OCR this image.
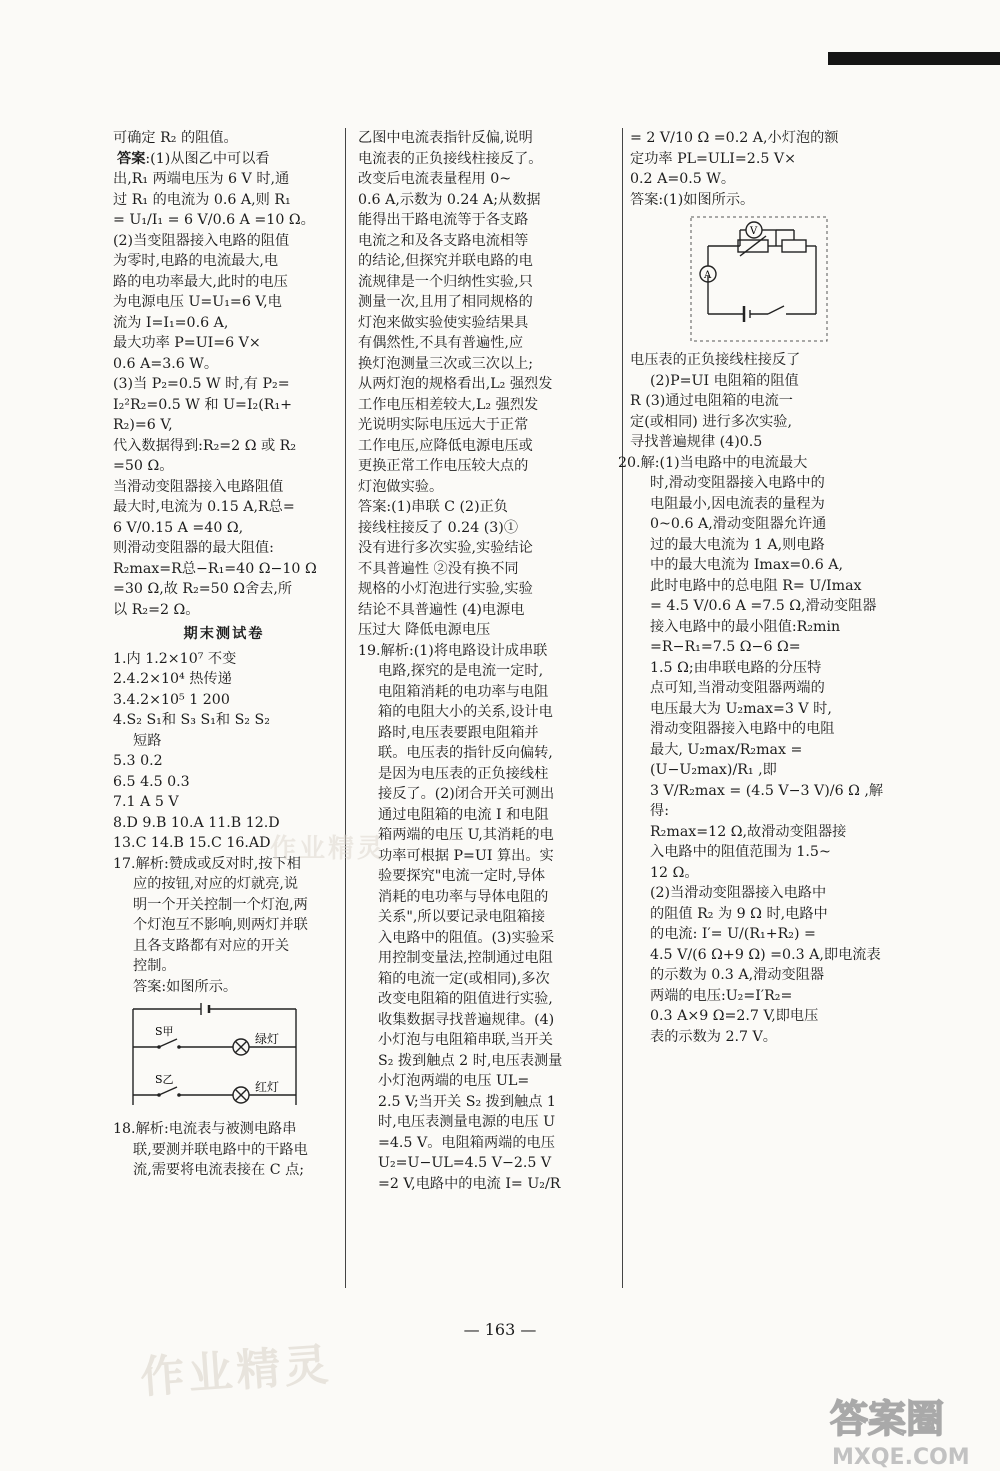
可确定 R₂ 的阻值。

答案:(1)从图乙中可以看

出,R₁ 两端电压为 6 V 时,通

过 R₁ 的电流为 0.6 A,则 R₁

= U₁/I₁ = 6 V/0.6 A =10 Ω。

(2)当变阻器接入电路的阻值

为零时,电路的电流最大,电

路的电功率最大,此时的电压

为电源电压 U=U₁=6 V,电

流为 I=I₁=0.6 A,

最大功率 P=UI=6 V×

0.6 A=3.6 W。

(3)当 P₂=0.5 W 时,有 P₂=

I₂²R₂=0.5 W 和 U=I₂(R₁+

R₂)=6 V,

代入数据得到:R₂=2 Ω 或 R₂

=50 Ω。

当滑动变阻器接入电路阻值

最大时,电流为 0.15 A,R总=

6 V/0.15 A =40 Ω,

则滑动变阻器的最大阻值:

R₂max=R总−R₁=40 Ω−10 Ω

=30 Ω,故 R₂=50 Ω舍去,所

以 R₂=2 Ω。

期末测试卷

1.内 1.2×10⁷ 不变

2.4.2×10⁴ 热传递

3.4.2×10⁵ 1 200

4.S₂ S₁和 S₃ S₁和 S₂ S₂

短路

5.3 0.2

6.5 4.5 0.3

7.1 A 5 V

8.D 9.B 10.A 11.B 12.D

13.C 14.B 15.C 16.AD

17.解析:赞成或反对时,按下相

应的按钮,对应的灯就亮,说

明一个开关控制一个灯泡,两

个灯泡互不影响,则两灯并联

且各支路都有对应的开关

控制。

答案:如图所示。

S甲
S乙
绿灯
红灯

18.解析:电流表与被测电路串

联,要测并联电路中的干路电

流,需要将电流表接在 C 点;

乙图中电流表指针反偏,说明

电流表的正负接线柱接反了。

改变后电流表量程用 0~

0.6 A,示数为 0.24 A;从数据

能得出干路电流等于各支路

电流之和及各支路电流相等

的结论,但探究并联电路的电

流规律是一个归纳性实验,只

测量一次,且用了相同规格的

灯泡来做实验使实验结果具

有偶然性,不具有普遍性,应

换灯泡测量三次或三次以上;

从两灯泡的规格看出,L₂ 强烈发

工作电压相差较大,L₂ 强烈发

光说明实际电压远大于正常

工作电压,应降低电源电压或

更换正常工作电压较大点的

灯泡做实验。

答案:(1)串联 C (2)正负

接线柱接反了 0.24 (3)①

没有进行多次实验,实验结论

不具普遍性 ②没有换不同

规格的小灯泡进行实验,实验

结论不具普遍性 (4)电源电

压过大 降低电源电压

19.解析:(1)将电路设计成串联

电路,探究的是电流一定时,

电阻箱消耗的电功率与电阻

箱的电阻大小的关系,设计电

路时,电压表要跟电阻箱并

联。电压表的指针反向偏转,

是因为电压表的正负接线柱

接反了。(2)闭合开关可测出

通过电阻箱的电流 I 和电阻

箱两端的电压 U,其消耗的电

功率可根据 P=UI 算出。实

验要探究"电流一定时,导体

消耗的电功率与导体电阻的

关系",所以要记录电阻箱接

入电路中的阻值。(3)实验采

用控制变量法,控制通过电阻

箱的电流一定(或相同),多次

改变电阻箱的阻值进行实验,

收集数据寻找普遍规律。(4)

小灯泡与电阻箱串联,当开关

S₂ 拨到触点 2 时,电压表测量

小灯泡两端的电压 UL=

2.5 V;当开关 S₂ 拨到触点 1

时,电压表测量电源的电压 U

=4.5 V。电阻箱两端的电压

U₂=U−UL=4.5 V−2.5 V

=2 V,电路中的电流 I= U₂/R

= 2 V/10 Ω =0.2 A,小灯泡的额

定功率 PL=ULI=2.5 V×

0.2 A=0.5 W。

答案:(1)如图所示。

A
V

电压表的正负接线柱接反了

(2)P=UI 电阻箱的阻值

R (3)通过电阻箱的电流一

定(或相同) 进行多次实验,

寻找普遍规律 (4)0.5

20.解:(1)当电路中的电流最大

时,滑动变阻器接入电路中的

电阻最小,因电流表的量程为

0~0.6 A,滑动变阻器允许通

过的最大电流为 1 A,则电路

中的最大电流为 Imax=0.6 A,

此时电路中的总电阻 R= U/Imax

= 4.5 V/0.6 A =7.5 Ω,滑动变阻器

接入电路中的最小阻值:R₂min

=R−R₁=7.5 Ω−6 Ω=

1.5 Ω;由串联电路的分压特

点可知,当滑动变阻器两端的

电压最大为 U₂max=3 V 时,

滑动变阻器接入电路中的电阻

最大, U₂max/R₂max = (U−U₂max)/R₁ ,即

3 V/R₂max = (4.5 V−3 V)/6 Ω ,解得:

R₂max=12 Ω,故滑动变阻器接

入电路中的阻值范围为 1.5~

12 Ω。

(2)当滑动变阻器接入电路中

的阻值 R₂ 为 9 Ω 时,电路中

的电流: I′= U/(R₁+R₂) =

4.5 V/(6 Ω+9 Ω) =0.3 A,即电流表

的示数为 0.3 A,滑动变阻器

两端的电压:U₂=I′R₂=

0.3 A×9 Ω=2.7 V,即电压

表的示数为 2.7 V。

— 163 —
作业精灵
作业精灵
答案圈
MXQE.COM
